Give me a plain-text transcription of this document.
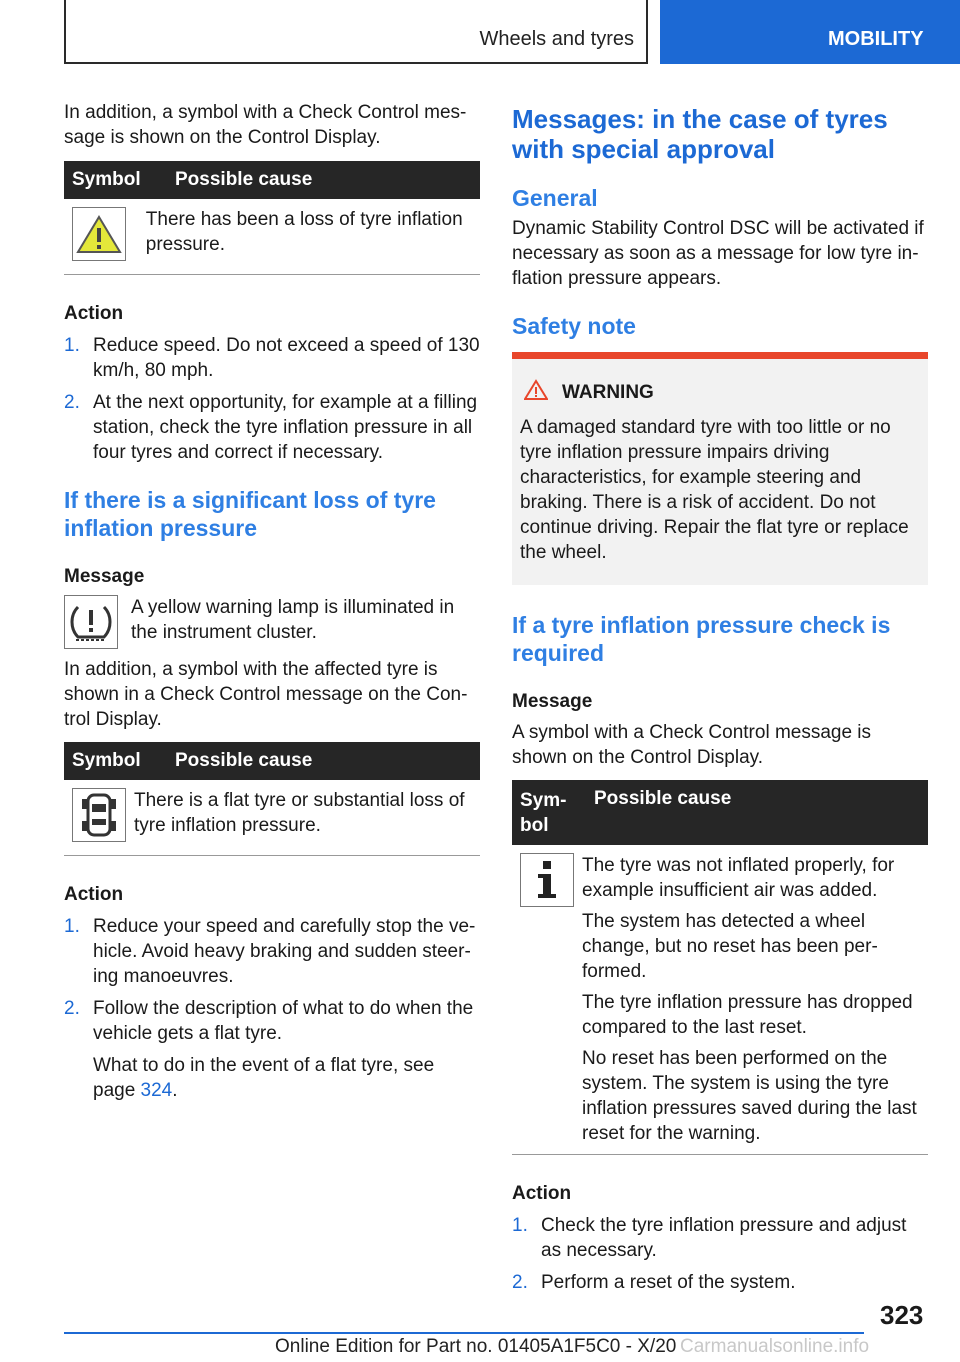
Wheels and tyres	MOBILITY

In addition, a symbol with a Check Control message is shown on the Control Display.

Symbol	Possible cause

There has been a loss of tyre inflation pressure.

Action
1. Reduce speed. Do not exceed a speed of 130 km/h, 80 mph.
2. At the next opportunity, for example at a filling station, check the tyre inflation pressure in all four tyres and correct if necessary.
If there is a significant loss of tyre inflation pressure
Message

A yellow warning lamp is illuminated in the instrument cluster.

In addition, a symbol with the affected tyre is shown in a Check Control message on the Control Display.

Symbol	Possible cause

There is a flat tyre or substantial loss of tyre inflation pressure.

Action
1. Reduce your speed and carefully stop the vehicle. Avoid heavy braking and sudden steering manoeuvres.
2. Follow the description of what to do when the vehicle gets a flat tyre.
What to do in the event of a flat tyre, see page 324.
Messages: in the case of tyres with special approval
General

Dynamic Stability Control DSC will be activated if necessary as soon as a message for low tyre inflation pressure appears.

Safety note
WARNING

A damaged standard tyre with too little or no tyre inflation pressure impairs driving characteristics, for example steering and braking. There is a risk of accident. Do not continue driving. Repair the flat tyre or replace the wheel.

If a tyre inflation pressure check is required
Message

A symbol with a Check Control message is shown on the Control Display.

Symbol
Possible cause

The tyre was not inflated properly, for example insufficient air was added.

The system has detected a wheel change, but no reset has been performed.

The tyre inflation pressure has dropped compared to the last reset.

No reset has been performed on the system. The system is using the tyre inflation pressures saved during the last reset for the warning.

Action
1. Check the tyre inflation pressure and adjust as necessary.
2. Perform a reset of the system.
323
Online Edition for Part no. 01405A1F5C0 - X/20 Carmanualsonline.info
